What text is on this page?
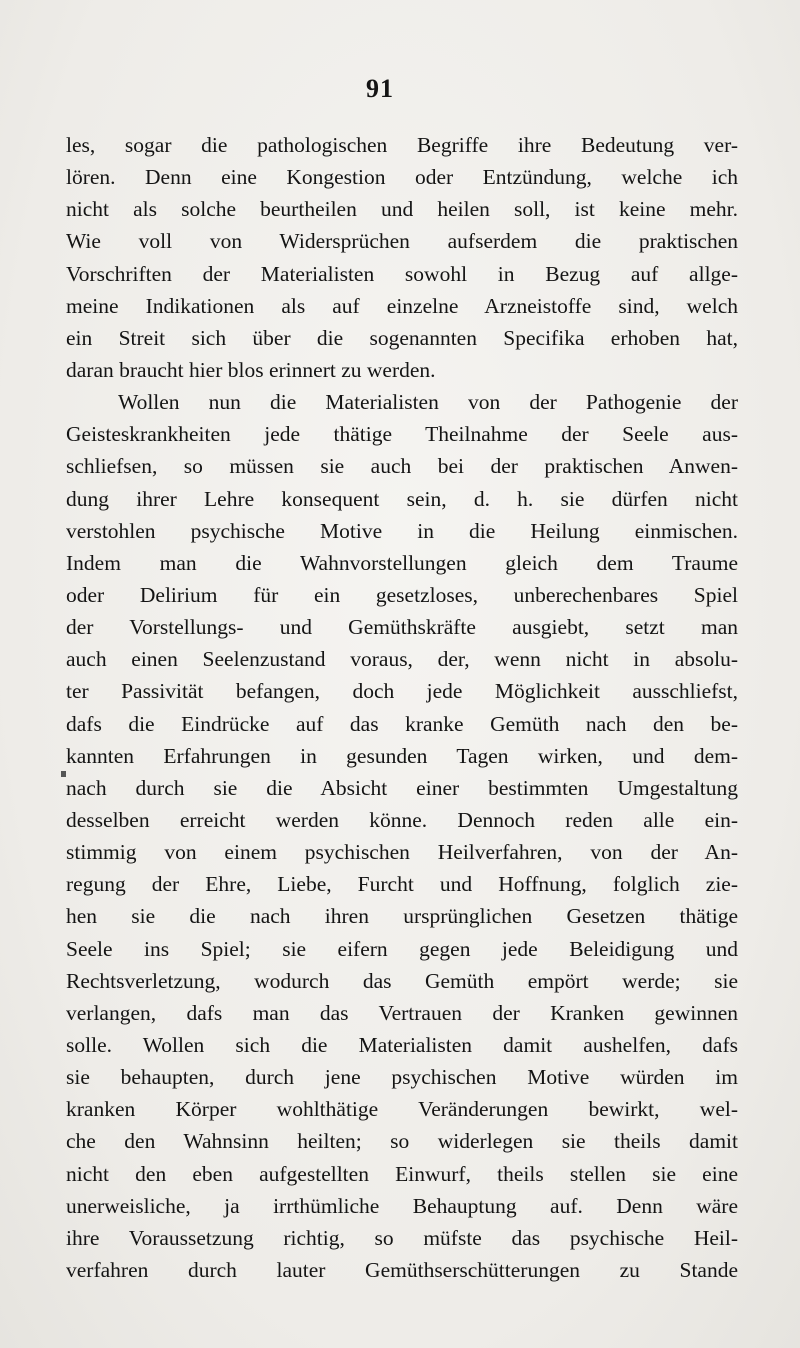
91
les, sogar die pathologischen Begriffe ihre Bedeutung ver-
lören. Denn eine Kongestion oder Entzündung, welche ich
nicht als solche beurtheilen und heilen soll, ist keine mehr.
Wie voll von Widersprüchen aufserdem die praktischen
Vorschriften der Materialisten sowohl in Bezug auf allge-
meine Indikationen als auf einzelne Arzneistoffe sind, welch
ein Streit sich über die sogenannten Specifika erhoben hat,
daran braucht hier blos erinnert zu werden.
Wollen nun die Materialisten von der Pathogenie der
Geisteskrankheiten jede thätige Theilnahme der Seele aus-
schliefsen, so müssen sie auch bei der praktischen Anwen-
dung ihrer Lehre konsequent sein, d. h. sie dürfen nicht
verstohlen psychische Motive in die Heilung einmischen.
Indem man die Wahnvorstellungen gleich dem Traume
oder Delirium für ein gesetzloses, unberechenbares Spiel
der Vorstellungs- und Gemüthskräfte ausgiebt, setzt man
auch einen Seelenzustand voraus, der, wenn nicht in absolu-
ter Passivität befangen, doch jede Möglichkeit ausschliefst,
dafs die Eindrücke auf das kranke Gemüth nach den be-
kannten Erfahrungen in gesunden Tagen wirken, und dem-
nach durch sie die Absicht einer bestimmten Umgestaltung
desselben erreicht werden könne. Dennoch reden alle ein-
stimmig von einem psychischen Heilverfahren, von der An-
regung der Ehre, Liebe, Furcht und Hoffnung, folglich zie-
hen sie die nach ihren ursprünglichen Gesetzen thätige
Seele ins Spiel; sie eifern gegen jede Beleidigung und
Rechtsverletzung, wodurch das Gemüth empört werde; sie
verlangen, dafs man das Vertrauen der Kranken gewinnen
solle. Wollen sich die Materialisten damit aushelfen, dafs
sie behaupten, durch jene psychischen Motive würden im
kranken Körper wohlthätige Veränderungen bewirkt, wel-
che den Wahnsinn heilten; so widerlegen sie theils damit
nicht den eben aufgestellten Einwurf, theils stellen sie eine
unerweisliche, ja irrthümliche Behauptung auf. Denn wäre
ihre Voraussetzung richtig, so müfste das psychische Heil-
verfahren durch lauter Gemüthserschütterungen zu Stande
